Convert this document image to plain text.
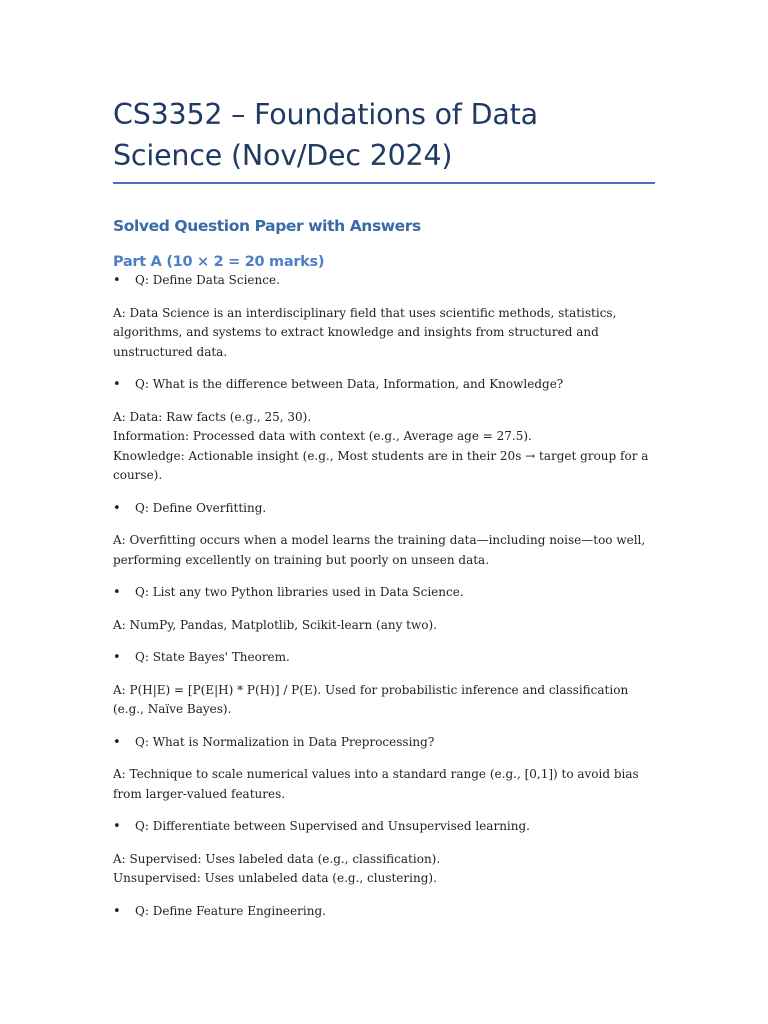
CS3352 – Foundations of Data Science (Nov/Dec 2024)
Solved Question Paper with Answers
Part A (10 × 2 = 20 marks)

• Q: Define Data Science.

A: Data Science is an interdisciplinary field that uses scientific methods, statistics, algorithms, and systems to extract knowledge and insights from structured and unstructured data.

• Q: What is the difference between Data, Information, and Knowledge?

A: Data: Raw facts (e.g., 25, 30).
Information: Processed data with context (e.g., Average age = 27.5).
Knowledge: Actionable insight (e.g., Most students are in their 20s → target group for a course).

• Q: Define Overfitting.

A: Overfitting occurs when a model learns the training data—including noise—too well, performing excellently on training but poorly on unseen data.

• Q: List any two Python libraries used in Data Science.

A: NumPy, Pandas, Matplotlib, Scikit-learn (any two).

• Q: State Bayes' Theorem.

A: P(H|E) = [P(E|H) * P(H)] / P(E). Used for probabilistic inference and classification (e.g., Naïve Bayes).

• Q: What is Normalization in Data Preprocessing?

A: Technique to scale numerical values into a standard range (e.g., [0,1]) to avoid bias from larger-valued features.

• Q: Differentiate between Supervised and Unsupervised learning.

A: Supervised: Uses labeled data (e.g., classification).
Unsupervised: Uses unlabeled data (e.g., clustering).

• Q: Define Feature Engineering.
